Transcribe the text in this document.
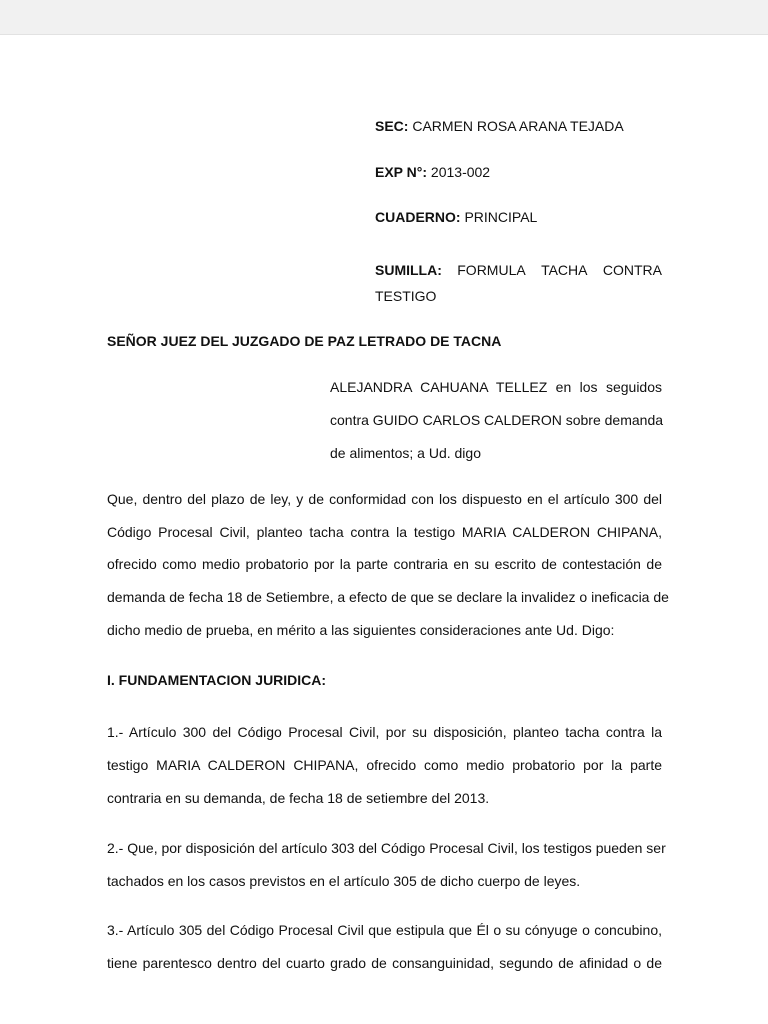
SEC: CARMEN ROSA ARANA TEJADA
EXP N°: 2013-002
CUADERNO: PRINCIPAL
SUMILLA: FORMULA TACHA CONTRA
TESTIGO
SEÑOR JUEZ DEL JUZGADO DE PAZ LETRADO DE TACNA
ALEJANDRA CAHUANA TELLEZ en los seguidos
contra GUIDO CARLOS CALDERON sobre demanda
de alimentos; a Ud. digo
Que, dentro del plazo de ley, y de conformidad con los dispuesto en el artículo 300 del
Código Procesal Civil, planteo tacha contra la testigo MARIA CALDERON CHIPANA,
ofrecido como medio probatorio por la parte contraria en su escrito de contestación de
demanda de fecha 18 de Setiembre, a efecto de que se declare la invalidez o ineficacia de
dicho medio de prueba, en mérito a las siguientes consideraciones ante Ud. Digo:
I. FUNDAMENTACION JURIDICA:
1.- Artículo 300 del Código Procesal Civil, por su disposición, planteo tacha contra la
testigo MARIA CALDERON CHIPANA, ofrecido como medio probatorio por la parte
contraria en su demanda, de fecha 18 de setiembre del 2013.
2.- Que, por disposición del artículo 303 del Código Procesal Civil, los testigos pueden ser
tachados en los casos previstos en el artículo 305 de dicho cuerpo de leyes.
3.- Artículo 305 del Código Procesal Civil que estipula que Él o su cónyuge o concubino,
tiene parentesco dentro del cuarto grado de consanguinidad, segundo de afinidad o de
